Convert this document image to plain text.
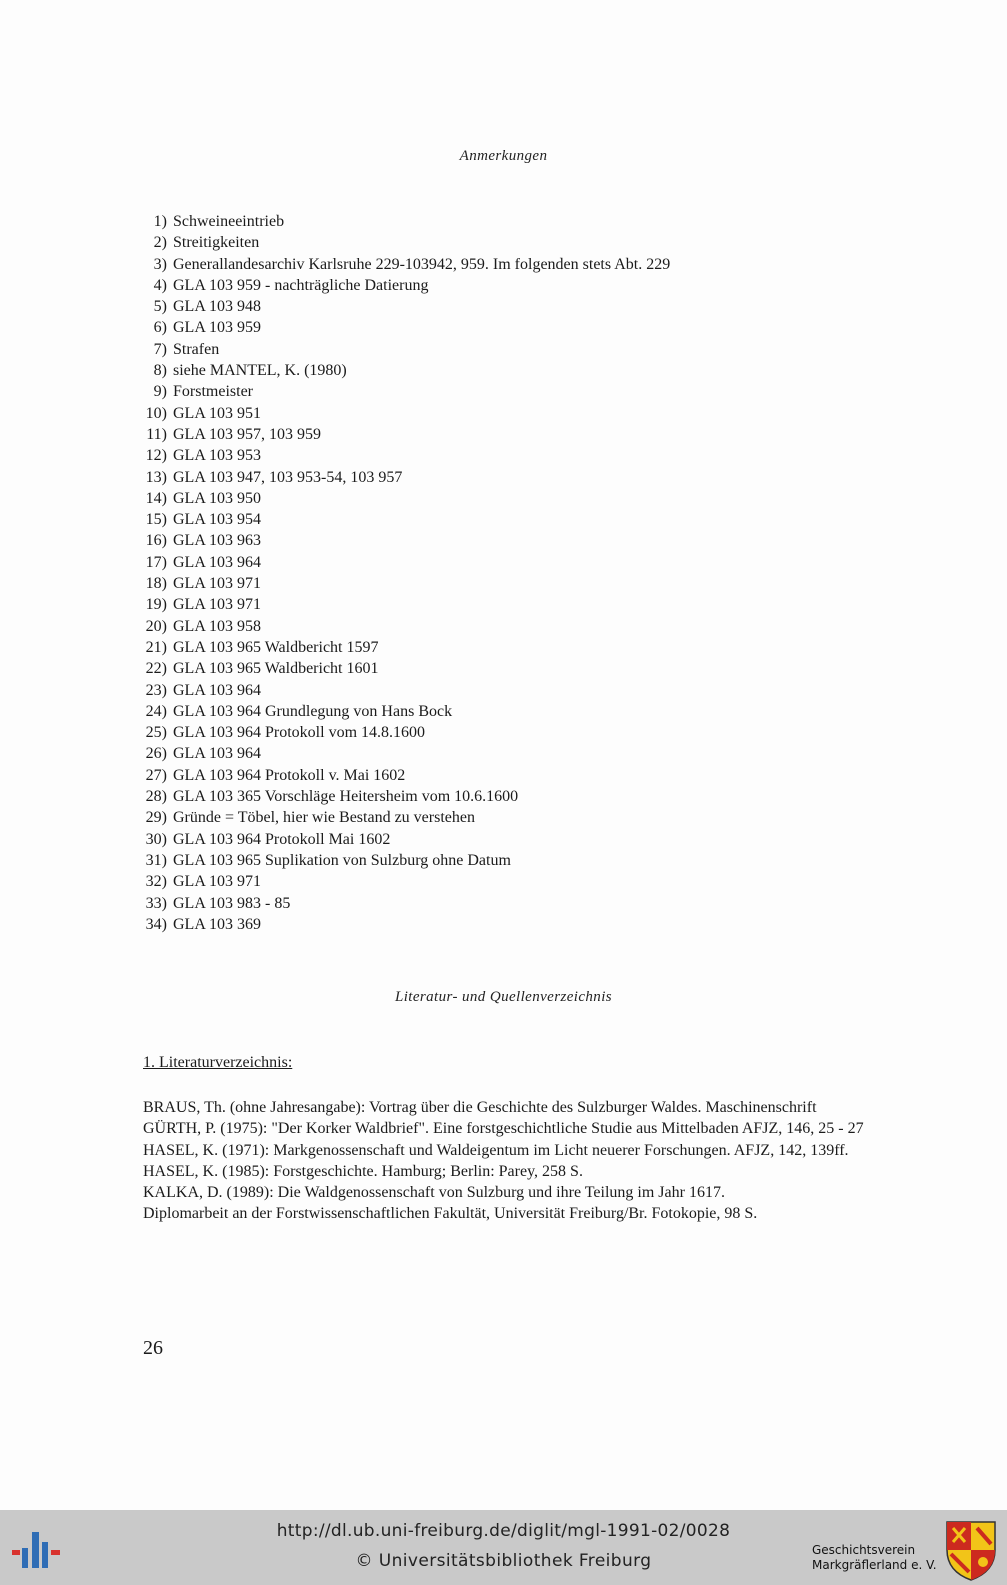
Anmerkungen
1) Schweineeintrieb
2) Streitigkeiten
3) Generallandesarchiv Karlsruhe 229-103942, 959. Im folgenden stets Abt. 229
4) GLA 103 959 - nachträgliche Datierung
5) GLA 103 948
6) GLA 103 959
7) Strafen
8) siehe MANTEL, K. (1980)
9) Forstmeister
10) GLA 103 951
11) GLA 103 957, 103 959
12) GLA 103 953
13) GLA 103 947, 103 953-54, 103 957
14) GLA 103 950
15) GLA 103 954
16) GLA 103 963
17) GLA 103 964
18) GLA 103 971
19) GLA 103 971
20) GLA 103 958
21) GLA 103 965 Waldbericht 1597
22) GLA 103 965 Waldbericht 1601
23) GLA 103 964
24) GLA 103 964 Grundlegung von Hans Bock
25) GLA 103 964 Protokoll vom 14.8.1600
26) GLA 103 964
27) GLA 103 964 Protokoll v. Mai 1602
28) GLA 103 365 Vorschläge Heitersheim vom 10.6.1600
29) Gründe = Töbel, hier wie Bestand zu verstehen
30) GLA 103 964 Protokoll Mai 1602
31) GLA 103 965 Suplikation von Sulzburg ohne Datum
32) GLA 103 971
33) GLA 103 983 - 85
34) GLA 103 369
Literatur- und Quellenverzeichnis
1. Literaturverzeichnis:
BRAUS, Th. (ohne Jahresangabe): Vortrag über die Geschichte des Sulzburger Waldes. Maschinenschrift
GÜRTH, P. (1975): "Der Korker Waldbrief". Eine forstgeschichtliche Studie aus Mittelbaden AFJZ, 146, 25 - 27
HASEL, K. (1971): Markgenossenschaft und Waldeigentum im Licht neuerer Forschungen. AFJZ, 142, 139ff.
HASEL, K. (1985): Forstgeschichte. Hamburg; Berlin: Parey, 258 S.
KALKA, D. (1989): Die Waldgenossenschaft von Sulzburg und ihre Teilung im Jahr 1617.
Diplomarbeit an der Forstwissenschaftlichen Fakultät, Universität Freiburg/Br. Fotokopie, 98 S.
26
http://dl.ub.uni-freiburg.de/diglit/mgl-1991-02/0028
© Universitätsbibliothek Freiburg
Geschichtsverein
Markgräflerland e. V.
